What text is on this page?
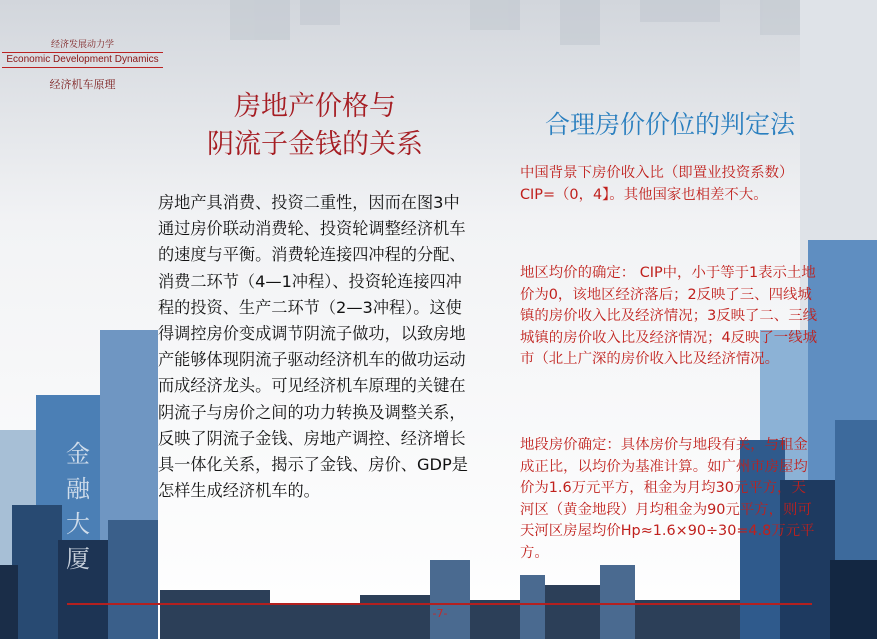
经济发展动力学
Economic Development Dynamics
经济机车原理
房地产价格与
阴流子金钱的关系
房地产具消费、投资二重性，因而在图3中通过房价联动消费轮、投资轮调整经济机车的速度与平衡。消费轮连接四冲程的分配、消费二环节（4—1冲程）、投资轮连接四冲程的投资、生产二环节（2—3冲程）。这使得调控房价变成调节阴流子做功，以致房地产能够体现阴流子驱动经济机车的做功运动而成经济龙头。可见经济机车原理的关键在阴流子与房价之间的功力转换及调整关系，反映了阴流子金钱、房地产调控、经济增长具一体化关系，揭示了金钱、房价、GDP是怎样生成经济机车的。
合理房价价位的判定法

中国背景下房价收入比（即置业投资系数）CIP=（0，4】。其他国家也相差不大。

地区均价的确定： CIP中，小于等于1表示土地价为0，该地区经济落后；2反映了三、四线城镇的房价收入比及经济情况；3反映了二、三线城镇的房价收入比及经济情况；4反映了一线城市（北上广深的房价收入比及经济情况。

地段房价确定：具体房价与地段有关，与租金成正比，以均价为基准计算。如广州市房屋均价为1.6万元平方，租金为月均30元平方，天河区（黄金地段）月均租金为90元平方，则可天河区房屋均价Hp≈1.6×90÷30=4.8万元平方。

金
融
大
厦
-7-
